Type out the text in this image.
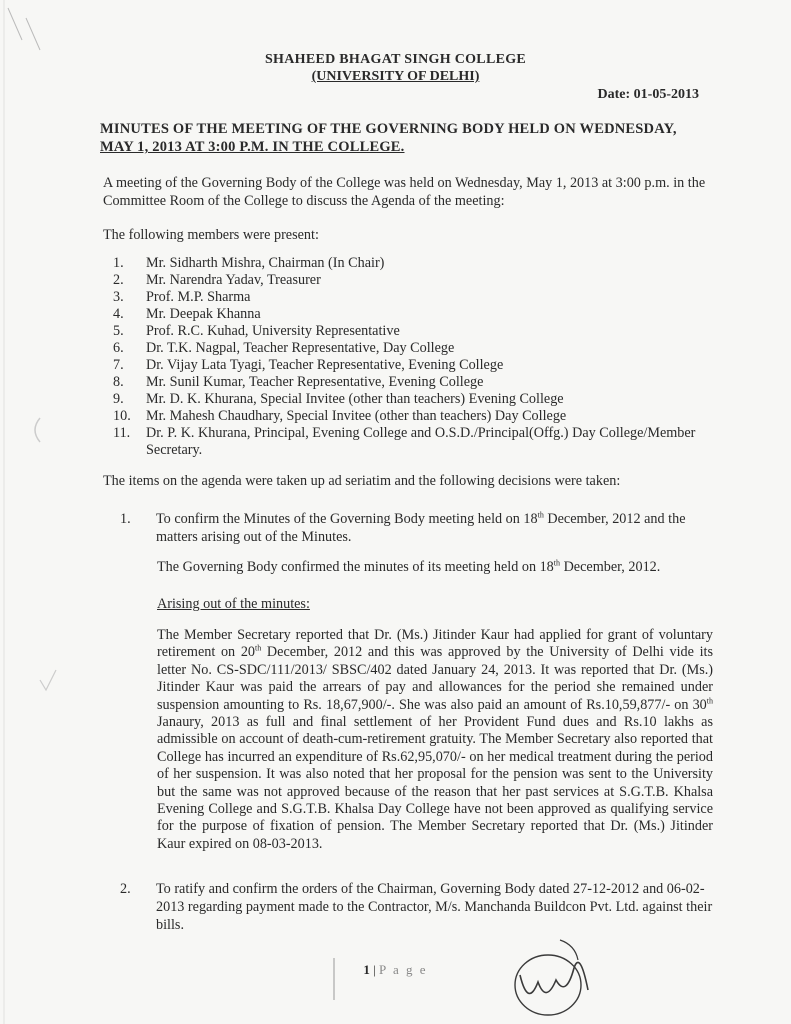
SHAHEED BHAGAT SINGH COLLEGE
(UNIVERSITY OF DELHI)
Date: 01-05-2013
MINUTES OF THE MEETING OF THE GOVERNING BODY HELD ON WEDNESDAY,
MAY 1, 2013 AT 3:00 P.M. IN THE COLLEGE.
A meeting of the Governing Body of the College was held on Wednesday, May 1, 2013 at 3:00 p.m. in the Committee Room of the College to discuss the Agenda of the meeting:
The following members were present:
1.	Mr. Sidharth Mishra, Chairman (In Chair)
2.	Mr. Narendra Yadav, Treasurer
3.	Prof. M.P. Sharma
4.	Mr. Deepak Khanna
5.	Prof. R.C. Kuhad, University Representative
6.	Dr. T.K. Nagpal, Teacher Representative, Day College
7.	Dr. Vijay Lata Tyagi, Teacher Representative, Evening College
8.	Mr. Sunil Kumar, Teacher Representative, Evening College
9.	Mr. D. K. Khurana, Special Invitee (other than teachers) Evening College
10.	Mr. Mahesh Chaudhary, Special Invitee (other than teachers) Day College
11.	Dr. P. K. Khurana, Principal, Evening College and O.S.D./Principal(Offg.) Day College/Member Secretary.
The items on the agenda were taken up ad seriatim and the following decisions were taken:
1.	To confirm the Minutes of the Governing Body meeting held on 18th December, 2012 and the matters arising out of the Minutes.
The Governing Body confirmed the minutes of its meeting held on 18th December, 2012.
Arising out of the minutes:
The Member Secretary reported that Dr. (Ms.) Jitinder Kaur had applied for grant of voluntary retirement on 20th December, 2012 and this was approved by the University of Delhi vide its letter No. CS-SDC/111/2013/ SBSC/402 dated January 24, 2013. It was reported that Dr. (Ms.) Jitinder Kaur was paid the arrears of pay and allowances for the period she remained under suspension amounting to Rs. 18,67,900/-. She was also paid an amount of Rs.10,59,877/- on 30th Janaury, 2013 as full and final settlement of her Provident Fund dues and Rs.10 lakhs as admissible on account of death-cum-retirement gratuity. The Member Secretary also reported that College has incurred an expenditure of Rs.62,95,070/- on her medical treatment during the period of her suspension. It was also noted that her proposal for the pension was sent to the University but the same was not approved because of the reason that her past services at S.G.T.B. Khalsa Evening College and S.G.T.B. Khalsa Day College have not been approved as qualifying service for the purpose of fixation of pension. The Member Secretary reported that Dr. (Ms.) Jitinder Kaur expired on 08-03-2013.
2.	To ratify and confirm the orders of the Chairman, Governing Body dated 27-12-2012 and 06-02-2013 regarding payment made to the Contractor, M/s. Manchanda Buildcon Pvt. Ltd. against their bills.
1 | P a g e
